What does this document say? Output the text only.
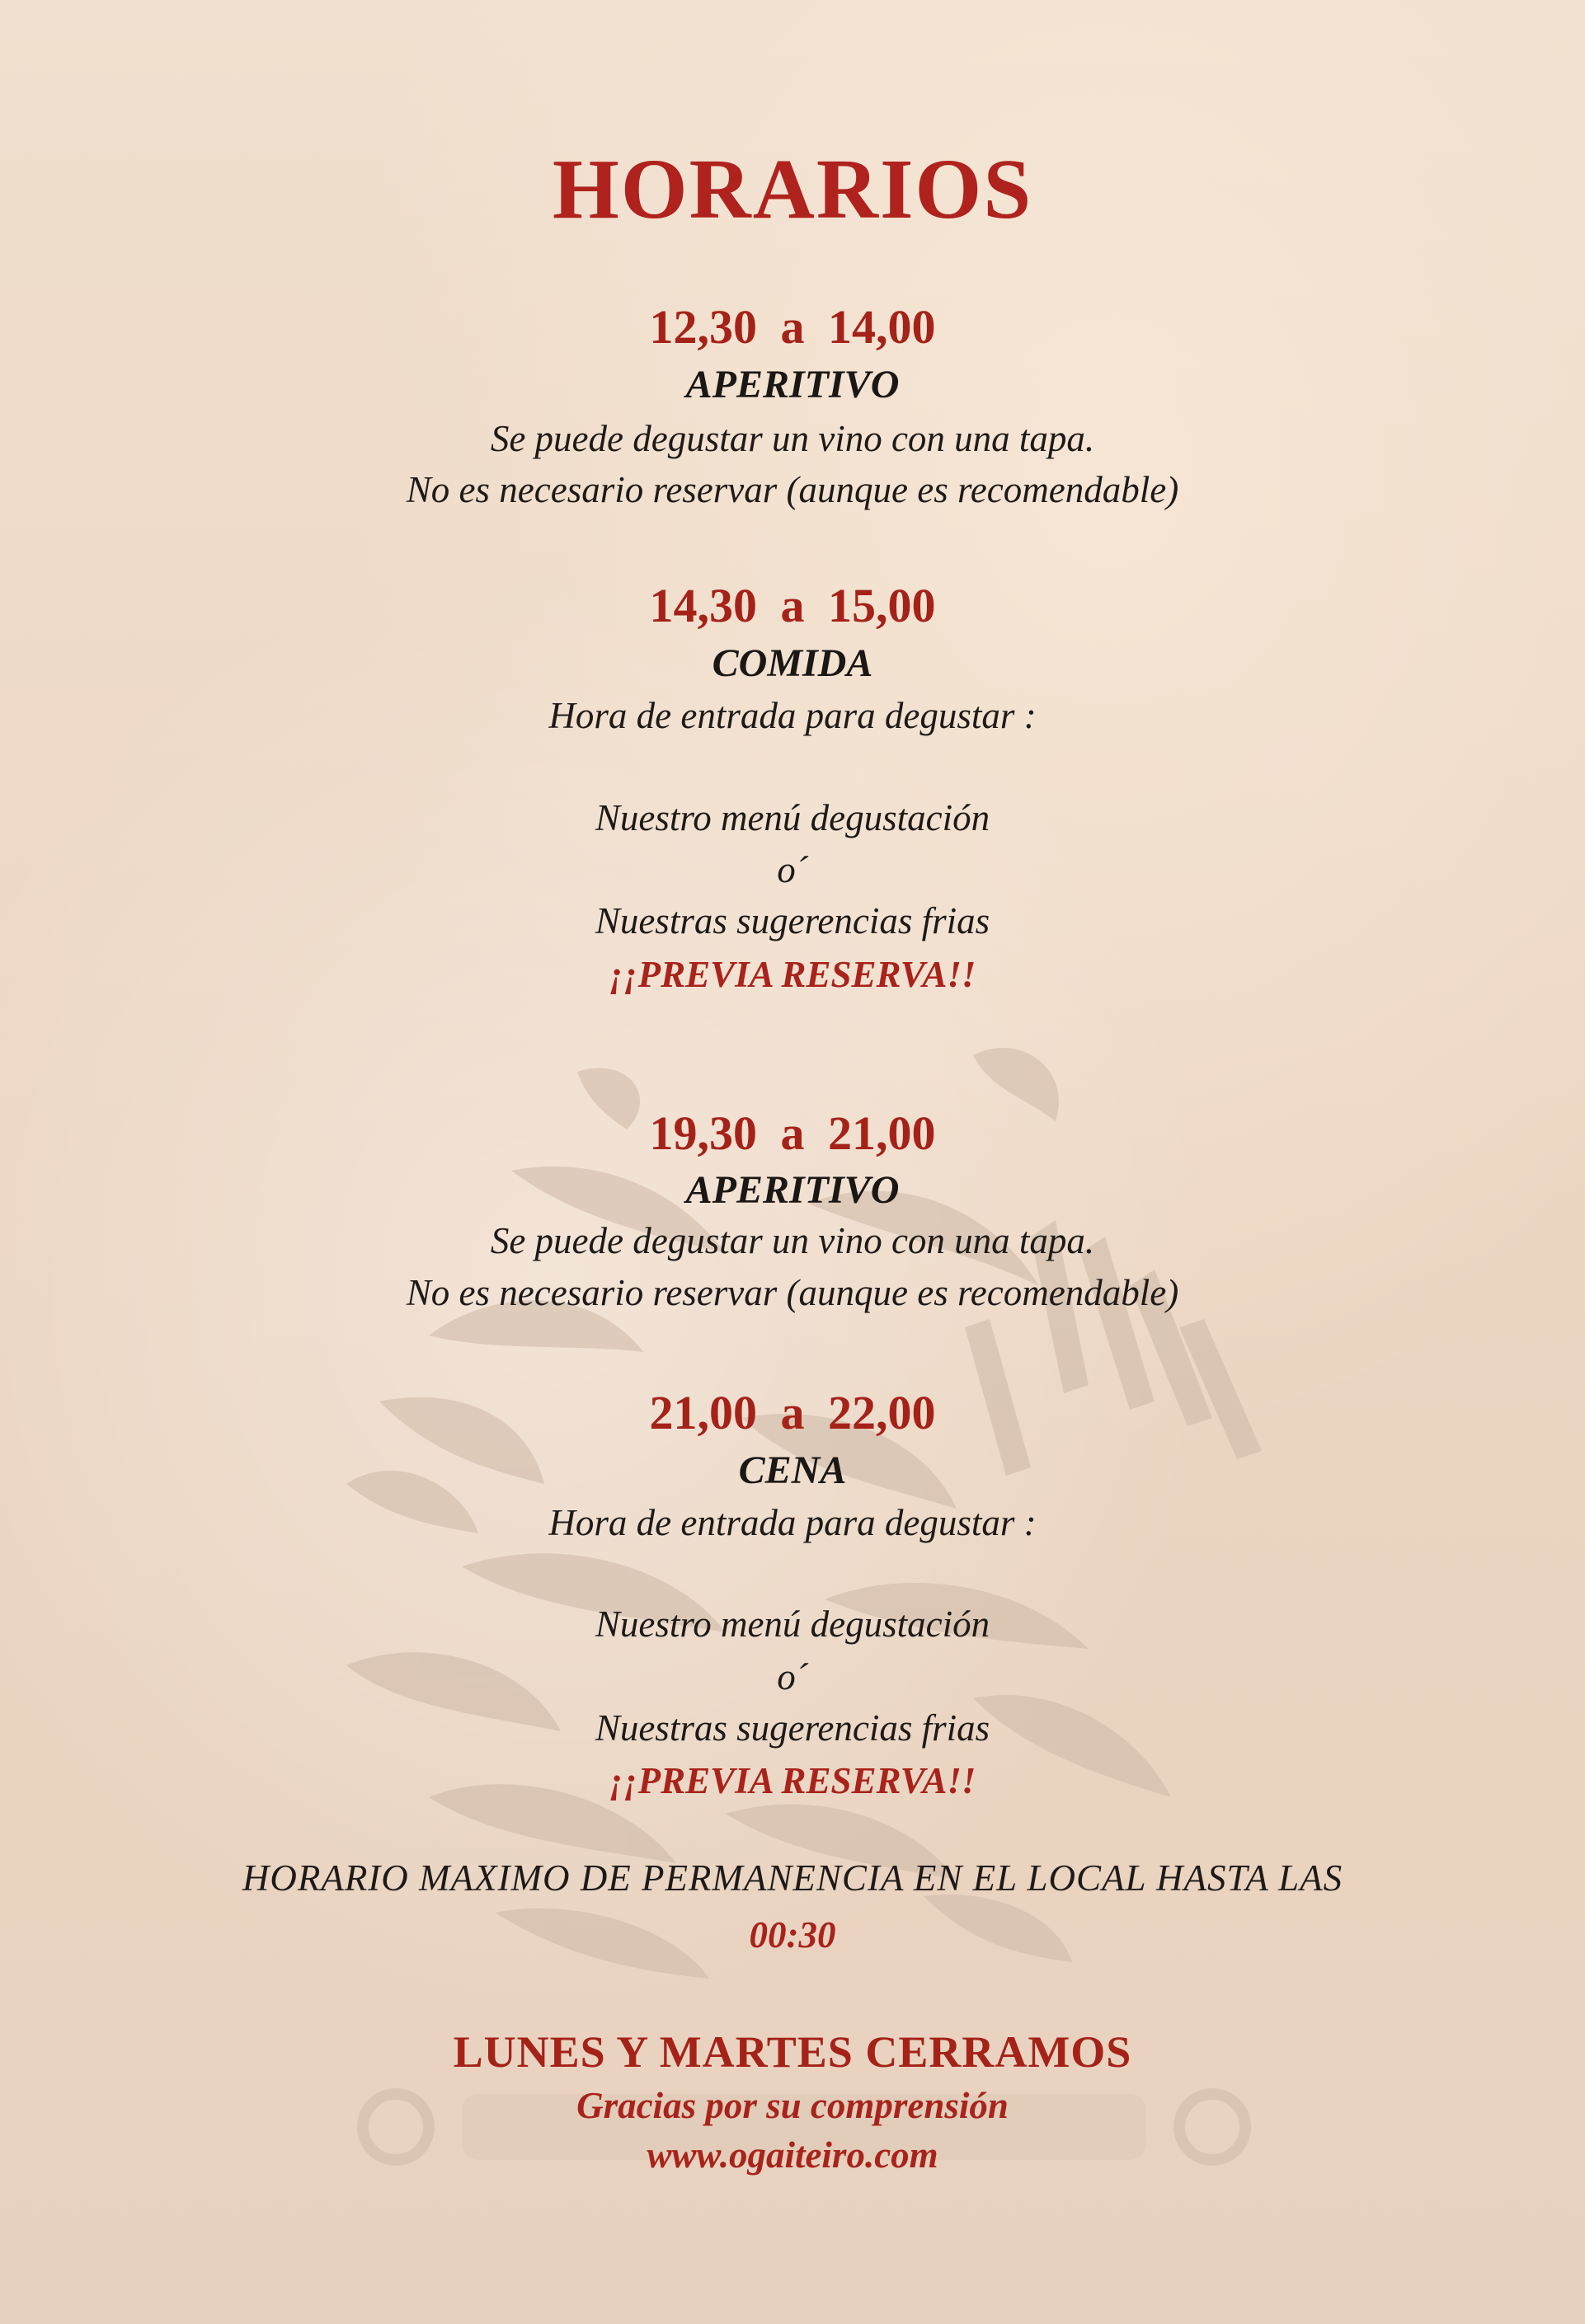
HORARIOS
12,30 a 14,00
APERITIVO
Se puede degustar un vino con una tapa.
No es necesario reservar (aunque es recomendable)
14,30 a 15,00
COMIDA
Hora de entrada para degustar :
Nuestro menú degustación
o´
Nuestras sugerencias frias
¡¡PREVIA RESERVA!!
19,30 a 21,00
APERITIVO
Se puede degustar un vino con una tapa.
No es necesario reservar (aunque es recomendable)
21,00 a 22,00
CENA
Hora de entrada para degustar :
Nuestro menú degustación
o´
Nuestras sugerencias frias
¡¡PREVIA RESERVA!!
HORARIO MAXIMO DE PERMANENCIA EN EL LOCAL HASTA LAS
00:30
LUNES Y MARTES CERRAMOS
Gracias por su comprensión
www.ogaiteiro.com
